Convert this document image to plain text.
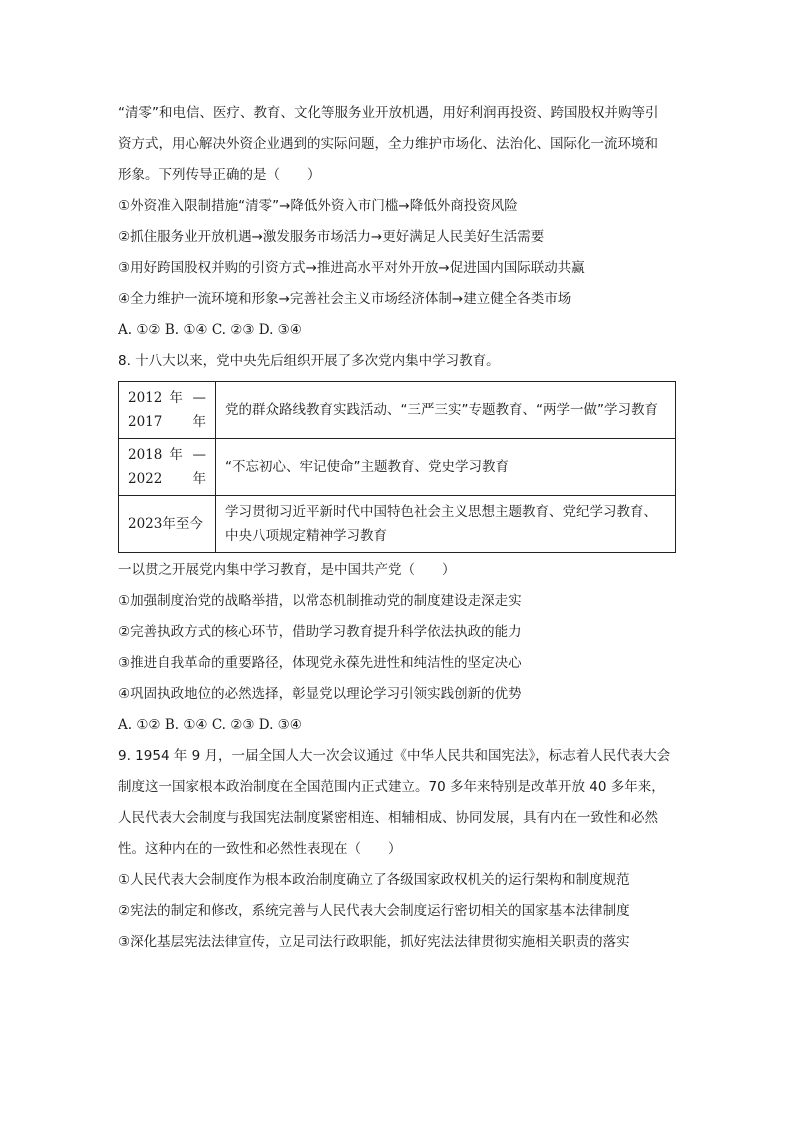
“清零”和电信、医疗、教育、文化等服务业开放机遇，用好利润再投资、跨国股权并购等引
资方式，用心解决外资企业遇到的实际问题，全力维护市场化、法治化、国际化一流环境和
形象。下列传导正确的是（　　）
①外资准入限制措施“清零”→降低外资入市门槛→降低外商投资风险
②抓住服务业开放机遇→激发服务市场活力→更好满足人民美好生活需要
③用好跨国股权并购的引资方式→推进高水平对外开放→促进国内国际联动共赢
④全力维护一流环境和形象→完善社会主义市场经济体制→建立健全各类市场
A. ①② B. ①④ C. ②③ D. ③④
8. 十八大以来，党中央先后组织开展了多次党内集中学习教育。
2012 年 — 2017年	党的群众路线教育实践活动、“三严三实”专题教育、“两学一做”学习教育
2018 年 — 2022年	“不忘初心、牢记使命”主题教育、党史学习教育
2023年至今	学习贯彻习近平新时代中国特色社会主义思想主题教育、党纪学习教育、中央八项规定精神学习教育
一以贯之开展党内集中学习教育，是中国共产党（　　）
①加强制度治党的战略举措，以常态机制推动党的制度建设走深走实
②完善执政方式的核心环节，借助学习教育提升科学依法执政的能力
③推进自我革命的重要路径，体现党永葆先进性和纯洁性的坚定决心
④巩固执政地位的必然选择，彰显党以理论学习引领实践创新的优势
A. ①② B. ①④ C. ②③ D. ③④
9. 1954 年 9 月，一届全国人大一次会议通过《中华人民共和国宪法》，标志着人民代表大会
制度这一国家根本政治制度在全国范围内正式建立。70 多年来特别是改革开放 40 多年来，
人民代表大会制度与我国宪法制度紧密相连、相辅相成、协同发展，具有内在一致性和必然
性。这种内在的一致性和必然性表现在（　　）
①人民代表大会制度作为根本政治制度确立了各级国家政权机关的运行架构和制度规范
②宪法的制定和修改，系统完善与人民代表大会制度运行密切相关的国家基本法律制度
③深化基层宪法法律宣传，立足司法行政职能，抓好宪法法律贯彻实施相关职责的落实
